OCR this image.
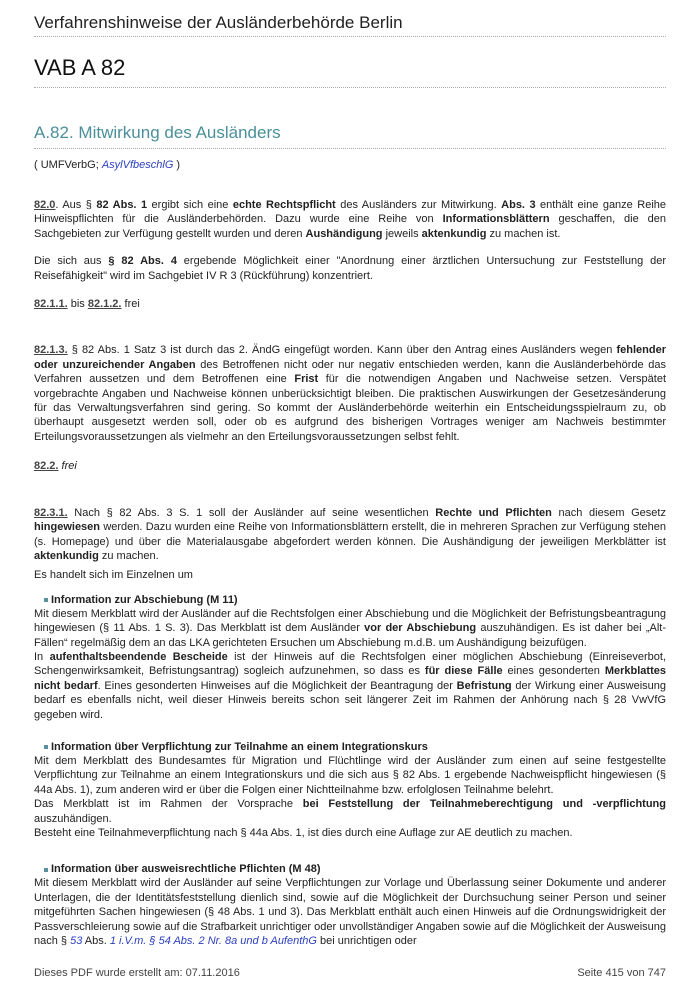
Verfahrenshinweise der Ausländerbehörde Berlin
VAB A 82
A.82. Mitwirkung des Ausländers
( UMFVerbG; AsylVfbeschlG )

82.0. Aus § 82 Abs. 1 ergibt sich eine echte Rechtspflicht des Ausländers zur Mitwirkung. Abs. 3 enthält eine ganze Reihe Hinweispflichten für die Ausländerbehörden. Dazu wurde eine Reihe von Informationsblättern geschaffen, die den Sachgebieten zur Verfügung gestellt wurden und deren Aushändigung jeweils aktenkundig zu machen ist.

Die sich aus § 82 Abs. 4 ergebende Möglichkeit einer "Anordnung einer ärztlichen Untersuchung zur Feststellung der Reisefähigkeit" wird im Sachgebiet IV R 3 (Rückführung) konzentriert.

82.1.1. bis 82.1.2. frei

82.1.3. § 82 Abs. 1 Satz 3 ist durch das 2. ÄndG eingefügt worden. Kann über den Antrag eines Ausländers wegen fehlender oder unzureichender Angaben des Betroffenen nicht oder nur negativ entschieden werden, kann die Ausländerbehörde das Verfahren aussetzen und dem Betroffenen eine Frist für die notwendigen Angaben und Nachweise setzen. Verspätet vorgebrachte Angaben und Nachweise können unberücksichtigt bleiben. Die praktischen Auswirkungen der Gesetzesänderung für das Verwaltungsverfahren sind gering. So kommt der Ausländerbehörde weiterhin ein Entscheidungsspielraum zu, ob überhaupt ausgesetzt werden soll, oder ob es aufgrund des bisherigen Vortrages weniger am Nachweis bestimmter Erteilungsvoraussetzungen als vielmehr an den Erteilungsvoraussetzungen selbst fehlt.

82.2. frei

82.3.1. Nach § 82 Abs. 3 S. 1 soll der Ausländer auf seine wesentlichen Rechte und Pflichten nach diesem Gesetz hingewiesen werden. Dazu wurden eine Reihe von Informationsblättern erstellt, die in mehreren Sprachen zur Verfügung stehen (s. Homepage) und über die Materialausgabe abgefordert werden können. Die Aushändigung der jeweiligen Merkblätter ist aktenkundig zu machen.

Es handelt sich im Einzelnen um

Information zur Abschiebung (M 11)

Mit diesem Merkblatt wird der Ausländer auf die Rechtsfolgen einer Abschiebung und die Möglichkeit der Befristungsbeantragung hingewiesen (§ 11 Abs. 1 S. 3). Das Merkblatt ist dem Ausländer vor der Abschiebung auszuhändigen. Es ist daher bei „Alt-Fällen“ regelmäßig dem an das LKA gerichteten Ersuchen um Abschiebung m.d.B. um Aushändigung beizufügen.

In aufenthaltsbeendende Bescheide ist der Hinweis auf die Rechtsfolgen einer möglichen Abschiebung (Einreiseverbot, Schengenwirksamkeit, Befristungsantrag) sogleich aufzunehmen, so dass es für diese Fälle eines gesonderten Merkblattes nicht bedarf. Eines gesonderten Hinweises auf die Möglichkeit der Beantragung der Befristung der Wirkung einer Ausweisung bedarf es ebenfalls nicht, weil dieser Hinweis bereits schon seit längerer Zeit im Rahmen der Anhörung nach § 28 VwVfG gegeben wird.

Information über Verpflichtung zur Teilnahme an einem Integrationskurs

Mit dem Merkblatt des Bundesamtes für Migration und Flüchtlinge wird der Ausländer zum einen auf seine festgestellte Verpflichtung zur Teilnahme an einem Integrationskurs und die sich aus § 82 Abs. 1 ergebende Nachweispflicht hingewiesen (§ 44a Abs. 1), zum anderen wird er über die Folgen einer Nichtteilnahme bzw. erfolglosen Teilnahme belehrt.

Das Merkblatt ist im Rahmen der Vorsprache bei Feststellung der Teilnahmeberechtigung und -verpflichtung auszuhändigen.

Besteht eine Teilnahmeverpflichtung nach § 44a Abs. 1, ist dies durch eine Auflage zur AE deutlich zu machen.

Information über ausweisrechtliche Pflichten (M 48)

Mit diesem Merkblatt wird der Ausländer auf seine Verpflichtungen zur Vorlage und Überlassung seiner Dokumente und anderer Unterlagen, die der Identitätsfeststellung dienlich sind, sowie auf die Möglichkeit der Durchsuchung seiner Person und seiner mitgeführten Sachen hingewiesen (§ 48 Abs. 1 und 3). Das Merkblatt enthält auch einen Hinweis auf die Ordnungswidrigkeit der Passverschleierung sowie auf die Strafbarkeit unrichtiger oder unvollständiger Angaben sowie auf die Möglichkeit der Ausweisung nach § 53 Abs. 1 i.V.m. § 54 Abs. 2 Nr. 8a und b AufenthG bei unrichtigen oder

Dieses PDF wurde erstellt am: 07.11.2016	Seite 415 von 747
